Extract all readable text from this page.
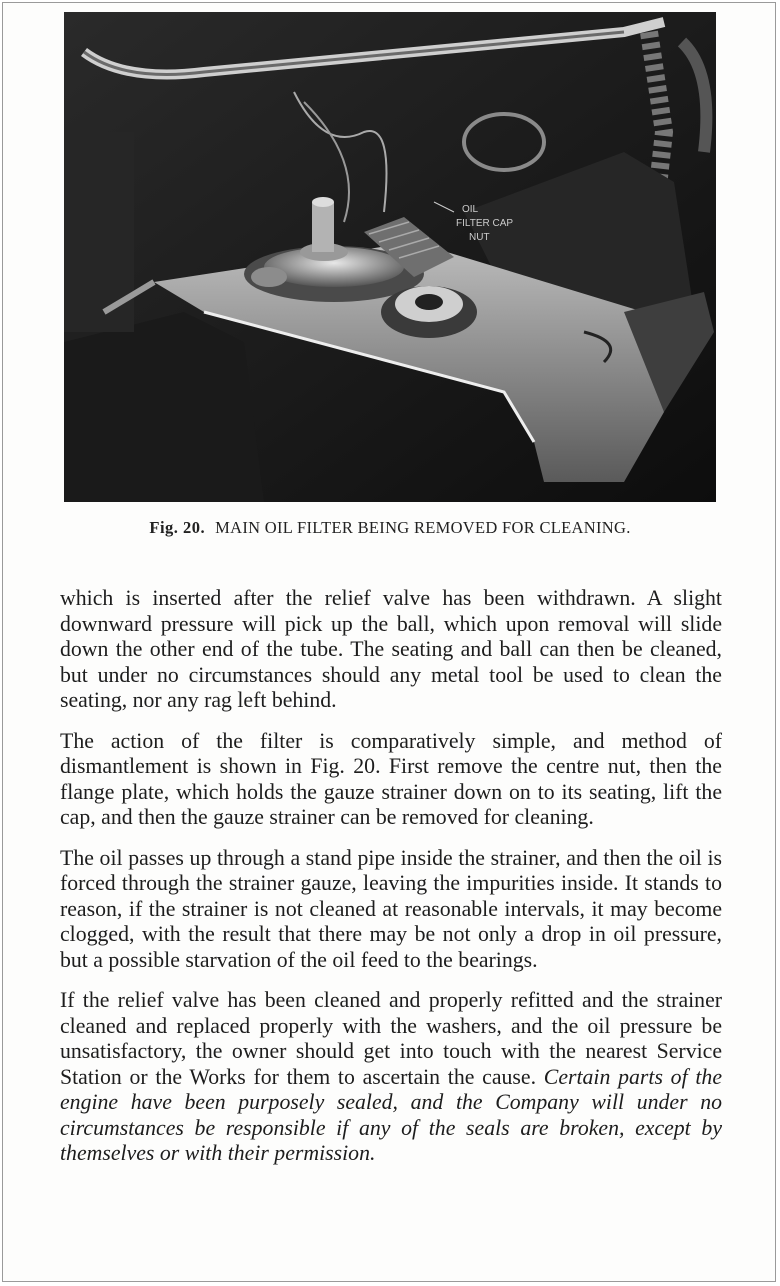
OIL
FILTER CAP
NUT
Fig. 20. MAIN OIL FILTER BEING REMOVED FOR CLEANING.

which is inserted after the relief valve has been withdrawn. A slight downward pressure will pick up the ball, which upon removal will slide down the other end of the tube. The seating and ball can then be cleaned, but under no circumstances should any metal tool be used to clean the seating, nor any rag left behind.

The action of the filter is comparatively simple, and method of dismantlement is shown in Fig. 20. First remove the centre nut, then the flange plate, which holds the gauze strainer down on to its seating, lift the cap, and then the gauze strainer can be removed for cleaning.

The oil passes up through a stand pipe inside the strainer, and then the oil is forced through the strainer gauze, leaving the impurities inside. It stands to reason, if the strainer is not cleaned at reasonable intervals, it may become clogged, with the result that there may be not only a drop in oil pressure, but a possible starvation of the oil feed to the bearings.

If the relief valve has been cleaned and properly refitted and the strainer cleaned and replaced properly with the washers, and the oil pressure be unsatisfactory, the owner should get into touch with the nearest Service Station or the Works for them to ascertain the cause. Certain parts of the engine have been purposely sealed, and the Company will under no circumstances be responsible if any of the seals are broken, except by themselves or with their permission.
